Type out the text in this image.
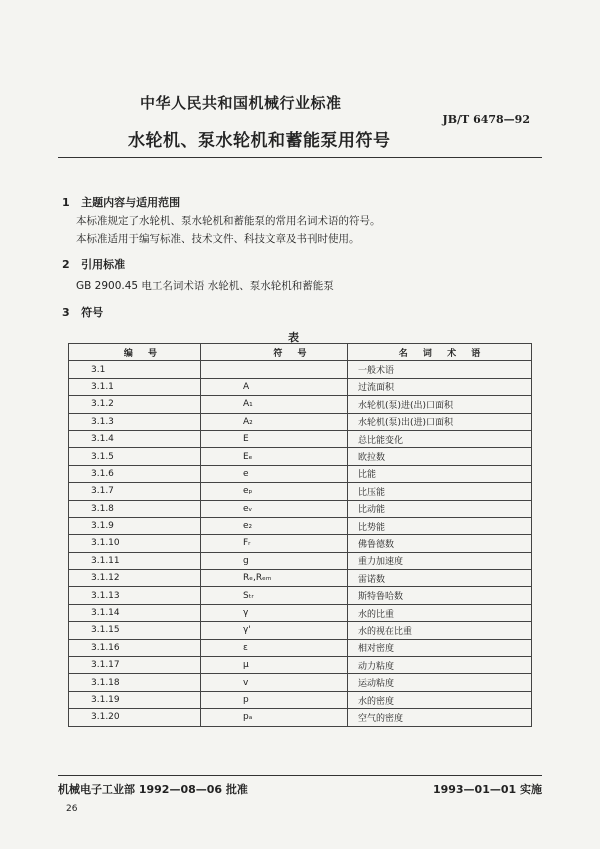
中华人民共和国机械行业标准
JB/T 6478—92
水轮机、泵水轮机和蓄能泵用符号
1 主题内容与适用范围
本标准规定了水轮机、泵水轮机和蓄能泵的常用名词术语的符号。
本标准适用于编写标准、技术文件、科技文章及书刊时使用。
2 引用标准
GB 2900.45 电工名词术语 水轮机、泵水轮机和蓄能泵
3 符号
表
编 号	符 号	名 词 术 语
3.1		一般术语
3.1.1	A	过流面积
3.1.2	A₁	水轮机(泵)进(出)口面积
3.1.3	A₂	水轮机(泵)出(进)口面积
3.1.4	E	总比能变化
3.1.5	Eₑ	欧拉数
3.1.6	e	比能
3.1.7	eₚ	比压能
3.1.8	eᵥ	比动能
3.1.9	e₂	比势能
3.1.10	Fᵣ	佛鲁德数
3.1.11	g	重力加速度
3.1.12	Rₑ,Rₑₘ	雷诺数
3.1.13	Sₜᵣ	斯特鲁哈数
3.1.14	γ	水的比重
3.1.15	γ'	水的视在比重
3.1.16	ε	相对密度
3.1.17	μ	动力粘度
3.1.18	v	运动粘度
3.1.19	p	水的密度
3.1.20	pₐ	空气的密度
机械电子工业部 1992—08—06 批准	1993—01—01 实施
26
